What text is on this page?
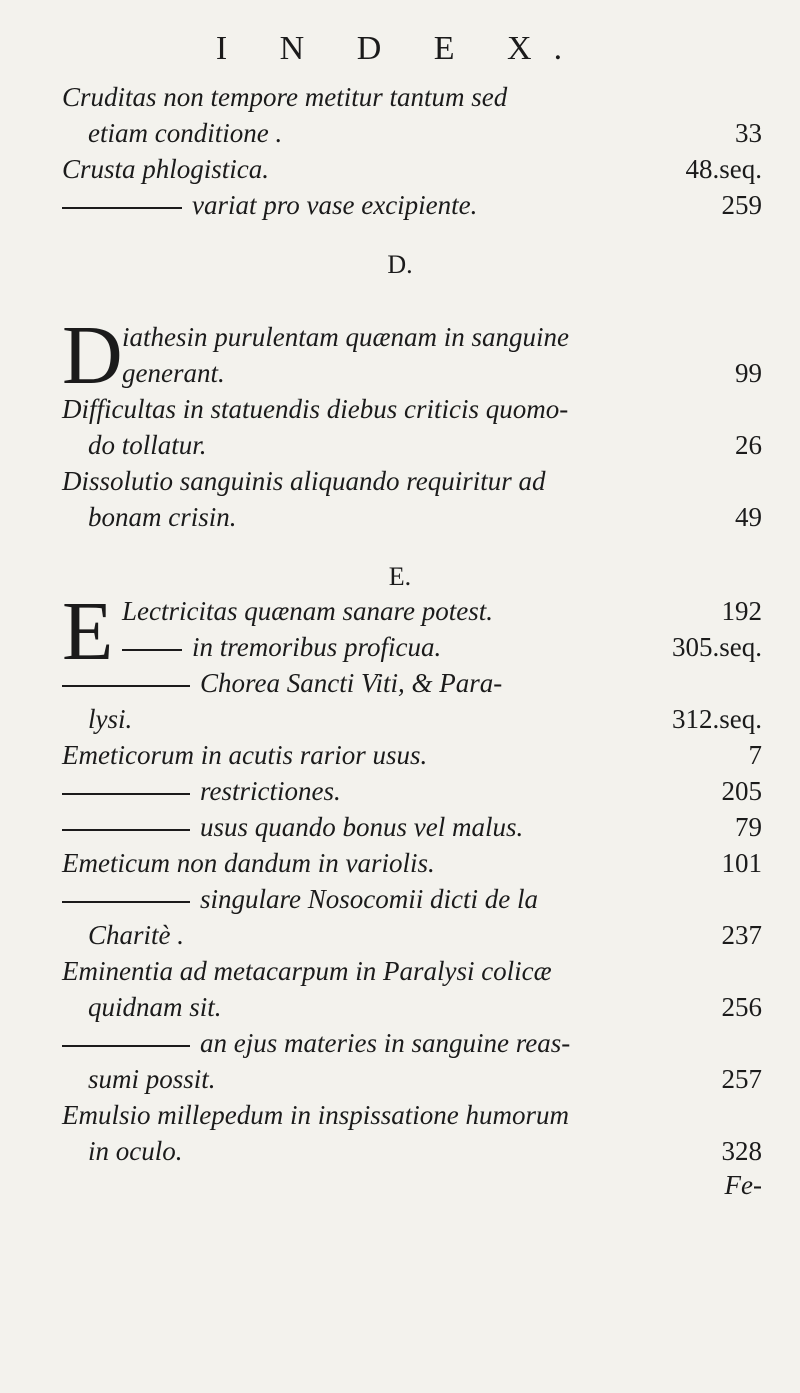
I N D E X.
Cruditas non tempore metitur tantum sed
etiam conditione .	33
Crusta phlogistica.	48.seq.
variat pro vase excipiente.	259
D.
D iathesin purulentam quænam in sanguine
generant.	99
Difficultas in statuendis diebus criticis quomo-
do tollatur.	26
Dissolutio sanguinis aliquando requiritur ad
bonam crisin.	49
E.
E Lectricitas quænam sanare potest.	192
in tremoribus proficua.	305.seq.
Chorea Sancti Viti, & Para-
lysi.	312.seq.
Emeticorum in acutis rarior usus.	7
restrictiones.	205
usus quando bonus vel malus.	79
Emeticum non dandum in variolis.	101
singulare Nosocomii dicti de la
Charitè .	237
Eminentia ad metacarpum in Paralysi colicæ
quidnam sit.	256
an ejus materies in sanguine reas-
sumi possit.	257
Emulsio millepedum in inspissatione humorum
in oculo.	328
Fe-
